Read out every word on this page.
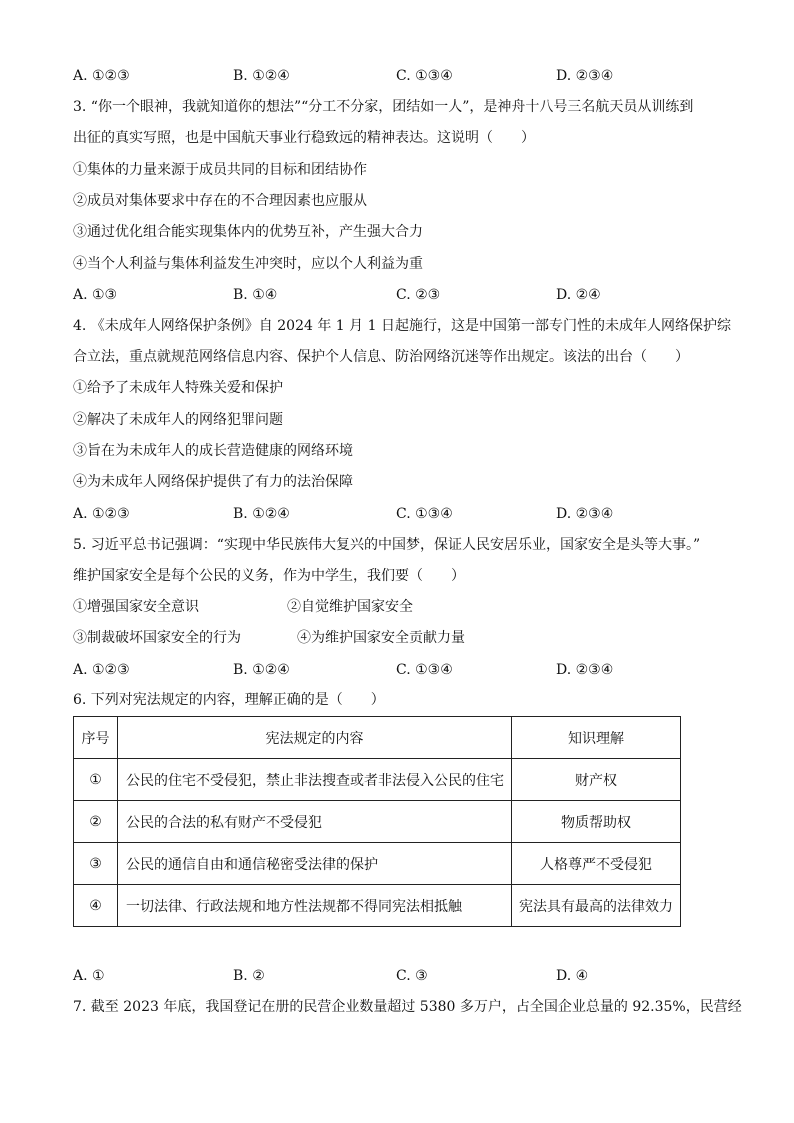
A. ①②③	B. ①②④	C. ①③④	D. ②③④
3. “你一个眼神，我就知道你的想法”“分工不分家，团结如一人”，是神舟十八号三名航天员从训练到
出征的真实写照，也是中国航天事业行稳致远的精神表达。这说明（　　）
①集体的力量来源于成员共同的目标和团结协作
②成员对集体要求中存在的不合理因素也应服从
③通过优化组合能实现集体内的优势互补，产生强大合力
④当个人利益与集体利益发生冲突时，应以个人利益为重
A. ①③	B. ①④	C. ②③	D. ②④
4. 《未成年人网络保护条例》自 2024 年 1 月 1 日起施行，这是中国第一部专门性的未成年人网络保护综
合立法，重点就规范网络信息内容、保护个人信息、防治网络沉迷等作出规定。该法的出台（　　）
①给予了未成年人特殊关爱和保护
②解决了未成年人的网络犯罪问题
③旨在为未成年人的成长营造健康的网络环境
④为未成年人网络保护提供了有力的法治保障
A. ①②③	B. ①②④	C. ①③④	D. ②③④
5. 习近平总书记强调：“实现中华民族伟大复兴的中国梦，保证人民安居乐业，国家安全是头等大事。”
维护国家安全是每个公民的义务，作为中学生，我们要（　　）
①增强国家安全意识	②自觉维护国家安全
③制裁破坏国家安全的行为	④为维护国家安全贡献力量
A. ①②③	B. ①②④	C. ①③④	D. ②③④
6. 下列对宪法规定的内容，理解正确的是（　　）
序号	宪法规定的内容	知识理解
①	公民的住宅不受侵犯，禁止非法搜查或者非法侵入公民的住宅	财产权
②	公民的合法的私有财产不受侵犯	物质帮助权
③	公民的通信自由和通信秘密受法律的保护	人格尊严不受侵犯
④	一切法律、行政法规和地方性法规都不得同宪法相抵触	宪法具有最高的法律效力
A. ①	B. ②	C. ③	D. ④
7. 截至 2023 年底，我国登记在册的民营企业数量超过 5380 多万户，占全国企业总量的 92.35%，民营经
